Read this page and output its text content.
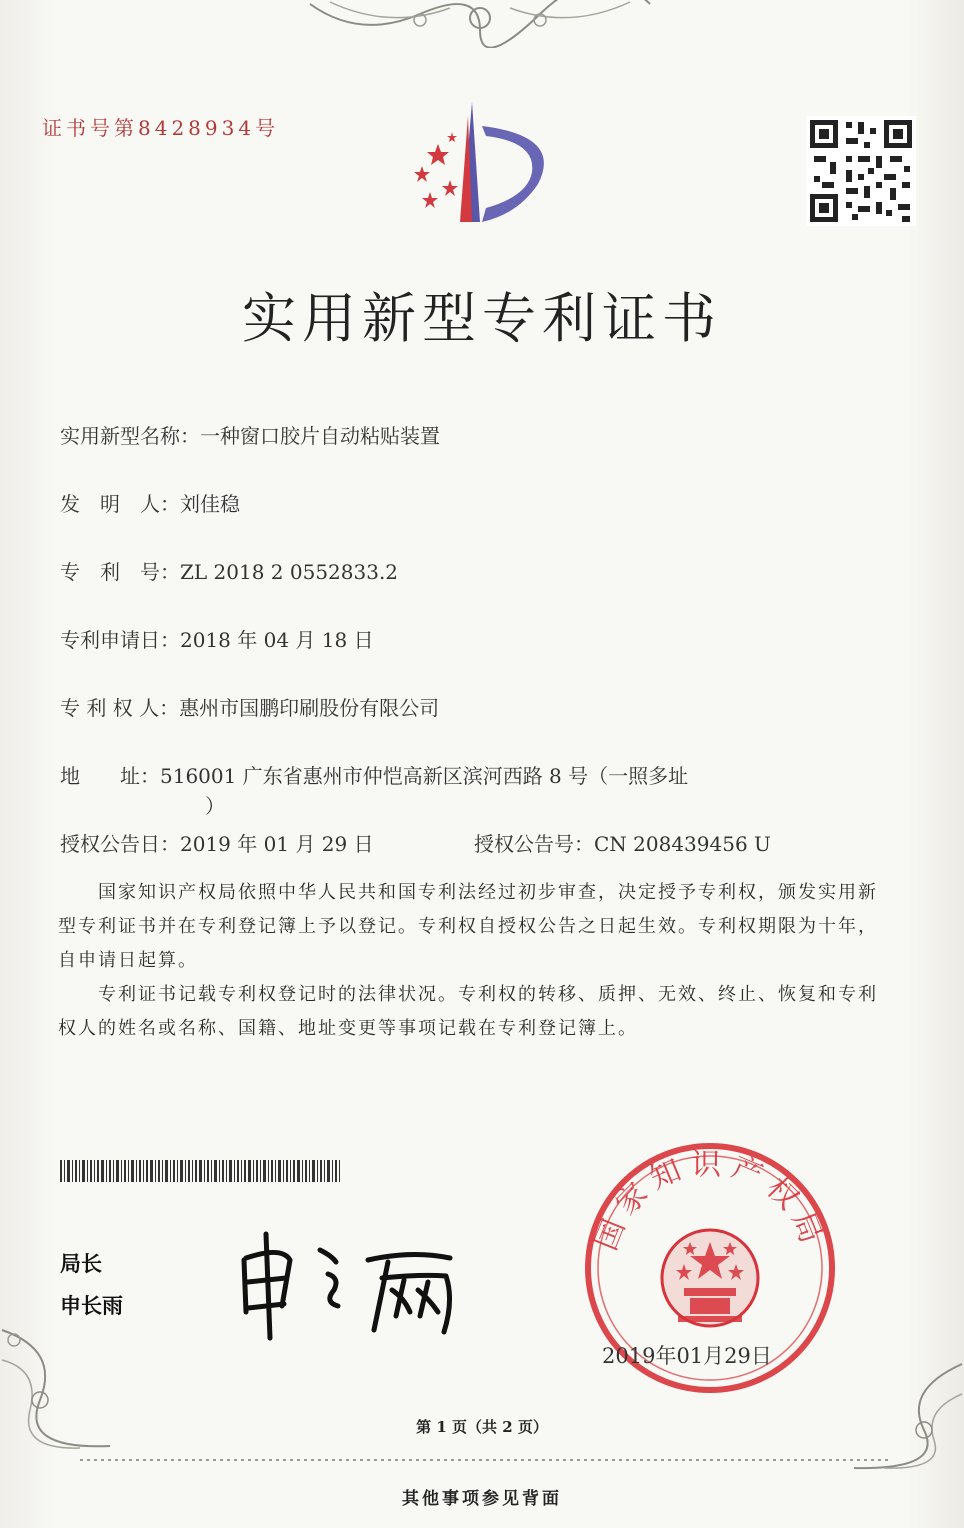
证书号第8428934号
实用新型专利证书
实用新型名称：一种窗口胶片自动粘贴装置
发　明　人：刘佳稳
专　利　号：ZL 2018 2 0552833.2
专利申请日：2018 年 04 月 18 日
专 利 权 人：惠州市国鹏印刷股份有限公司
地　　址：516001 广东省惠州市仲恺高新区滨河西路 8 号（一照多址
）
授权公告日：2019 年 01 月 29 日	授权公告号：CN 208439456 U
国家知识产权局依照中华人民共和国专利法经过初步审查，决定授予专利权，颁发实用新型专利证书并在专利登记簿上予以登记。专利权自授权公告之日起生效。专利权期限为十年，自申请日起算。
专利证书记载专利权登记时的法律状况。专利权的转移、质押、无效、终止、恢复和专利权人的姓名或名称、国籍、地址变更等事项记载在专利登记簿上。
局长
申长雨
国家知识产权局
2019年01月29日
第 1 页（共 2 页）
其他事项参见背面
